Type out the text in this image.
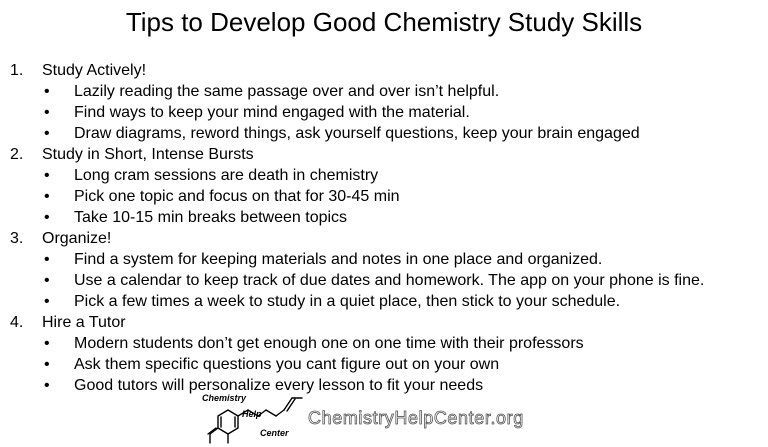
Tips to Develop Good Chemistry Study Skills
1. Study Actively!
• Lazily reading the same passage over and over isn’t helpful.
• Find ways to keep your mind engaged with the material.
• Draw diagrams, reword things, ask yourself questions, keep your brain engaged
2. Study in Short, Intense Bursts
• Long cram sessions are death in chemistry
• Pick one topic and focus on that for 30-45 min
• Take 10-15 min breaks between topics
3. Organize!
• Find a system for keeping materials and notes in one place and organized.
• Use a calendar to keep track of due dates and homework. The app on your phone is fine.
• Pick a few times a week to study in a quiet place, then stick to your schedule.
4. Hire a Tutor
• Modern students don’t get enough one on one time with their professors
• Ask them specific questions you cant figure out on your own
• Good tutors will personalize every lesson to fit your needs
Chemistry
Help
Center
ChemistryHelpCenter.org
